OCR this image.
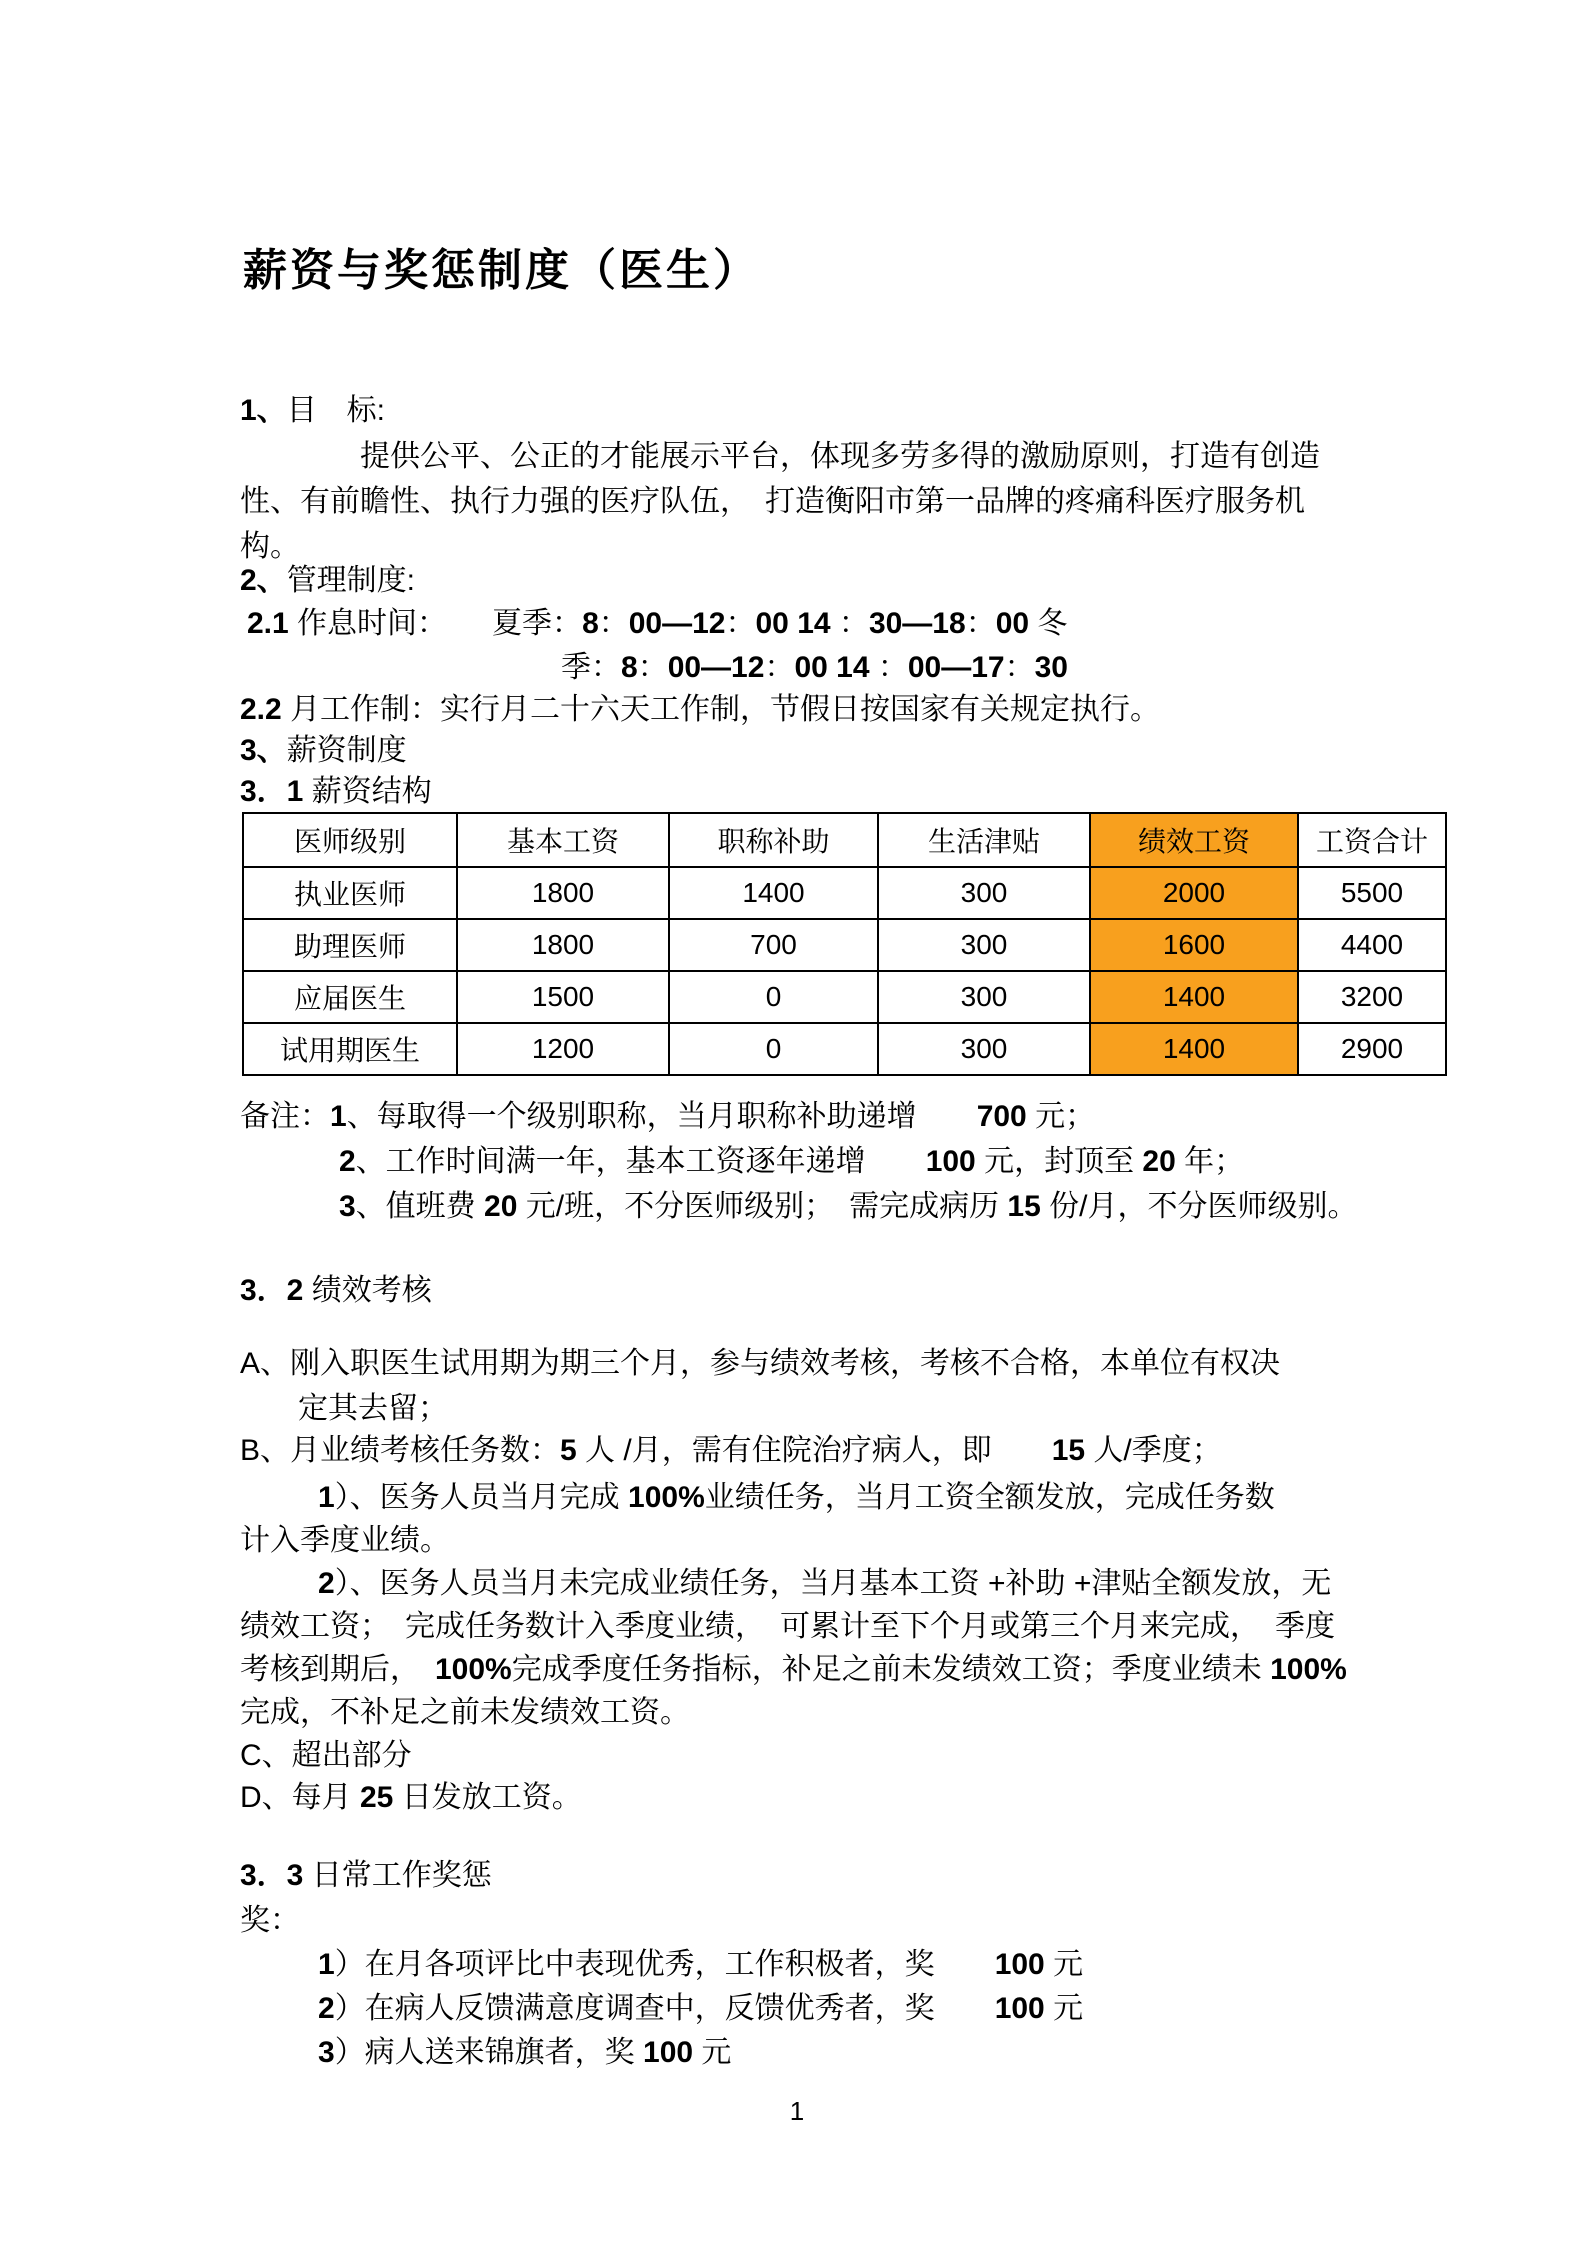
薪资与奖惩制度（医生）
1、目　标:
提供公平、公正的才能展示平台，体现多劳多得的激励原则，打造有创造
性、有前瞻性、执行力强的医疗队伍，　打造衡阳市第一品牌的疼痛科医疗服务机
构。
2、管理制度:
2.1 作息时间：　　夏季：8：00—12：00 14 ：30—18：00 冬
季：8：00—12：00 14 ：00—17：30
2.2 月工作制：实行月二十六天工作制，节假日按国家有关规定执行。
3、薪资制度
3．1 薪资结构
医师级别	基本工资	职称补助	生活津贴	绩效工资	工资合计
执业医师	1800	1400	300	2000	5500
助理医师	1800	700	300	1600	4400
应届医生	1500	0	300	1400	3200
试用期医生	1200	0	300	1400	2900
备注：1、每取得一个级别职称，当月职称补助递增　　700 元；
2、工作时间满一年，基本工资逐年递增　　100 元，封顶至 20 年；
3、值班费 20 元/班，不分医师级别；　需完成病历 15 份/月，不分医师级别。
3．2 绩效考核
A、刚入职医生试用期为期三个月，参与绩效考核，考核不合格，本单位有权决
定其去留；
B、月业绩考核任务数：5 人 /月，需有住院治疗病人，即　　15 人/季度；
1）、医务人员当月完成 100%业绩任务，当月工资全额发放，完成任务数
计入季度业绩。
2）、医务人员当月未完成业绩任务，当月基本工资 +补助 +津贴全额发放，无
绩效工资；　完成任务数计入季度业绩，　可累计至下个月或第三个月来完成，　季度
考核到期后，　100%完成季度任务指标，补足之前未发绩效工资；季度业绩未 100%
完成，不补足之前未发绩效工资。
C、超出部分
D、每月 25 日发放工资。
3．3 日常工作奖惩
奖：
1）在月各项评比中表现优秀，工作积极者，奖　　100 元
2）在病人反馈满意度调查中，反馈优秀者，奖　　100 元
3）病人送来锦旗者，奖 100 元
1
